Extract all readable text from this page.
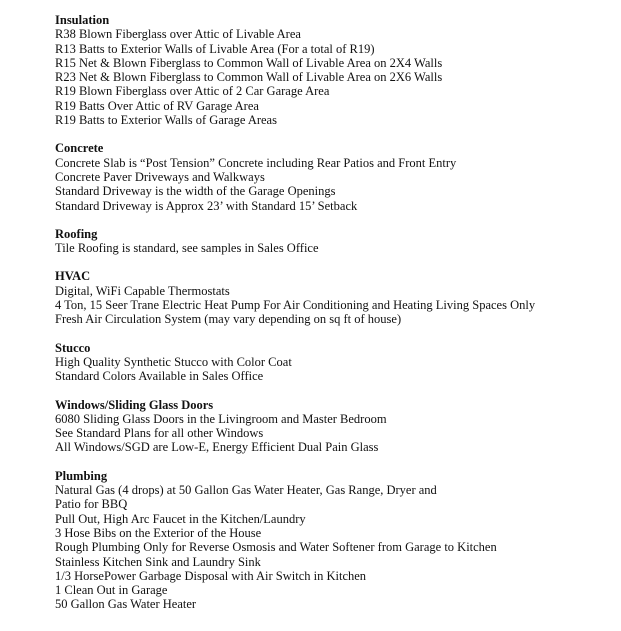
Insulation
R38 Blown Fiberglass over Attic of Livable Area
R13 Batts to Exterior Walls of Livable Area (For a total of R19)
R15 Net & Blown Fiberglass to Common Wall of Livable Area on 2X4 Walls
R23 Net & Blown Fiberglass to Common Wall of Livable Area on 2X6 Walls
R19 Blown Fiberglass over Attic of 2 Car Garage Area
R19 Batts Over Attic of RV Garage Area
R19 Batts to Exterior Walls of Garage Areas
Concrete
Concrete Slab is “Post Tension” Concrete including Rear Patios and Front Entry
Concrete Paver Driveways and Walkways
Standard Driveway is the width of the Garage Openings
Standard Driveway is Approx 23’ with Standard 15’ Setback
Roofing
Tile Roofing is standard, see samples in Sales Office
HVAC
Digital, WiFi Capable Thermostats
4 Ton, 15 Seer Trane Electric Heat Pump For Air Conditioning and Heating Living Spaces Only
Fresh Air Circulation System (may vary depending on sq ft of house)
Stucco
High Quality Synthetic Stucco with Color Coat
Standard Colors Available in Sales Office
Windows/Sliding Glass Doors
6080 Sliding Glass Doors in the Livingroom and Master Bedroom
See Standard Plans for all other Windows
All Windows/SGD are Low-E, Energy Efficient Dual Pain Glass
Plumbing
Natural Gas (4 drops) at 50 Gallon Gas Water Heater, Gas Range, Dryer and
Patio for BBQ
Pull Out, High Arc Faucet in the Kitchen/Laundry
3 Hose Bibs on the Exterior of the House
Rough Plumbing Only for Reverse Osmosis and Water Softener from Garage to Kitchen
Stainless Kitchen Sink and Laundry Sink
1/3 HorsePower Garbage Disposal with Air Switch in Kitchen
1 Clean Out in Garage
50 Gallon Gas Water Heater
